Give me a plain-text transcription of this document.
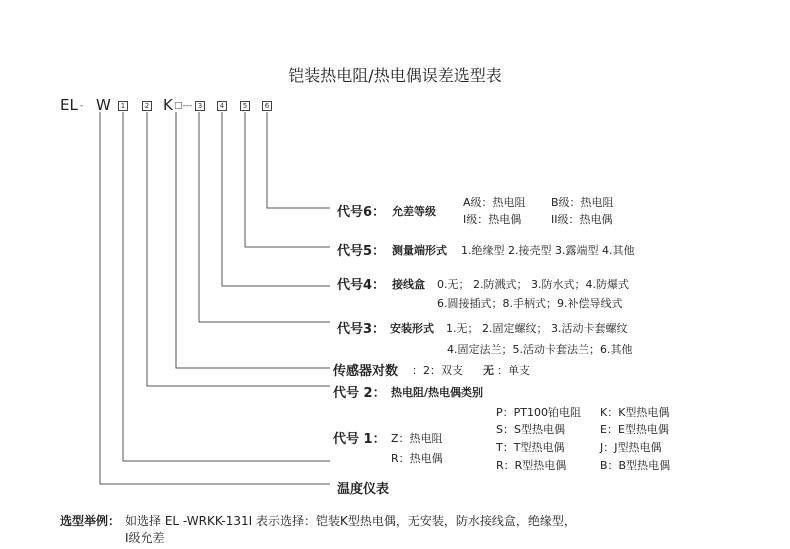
铠装热电阻/热电偶误差选型表
EL - W	1	2 K □--- 3	4	5	6
代号6： 允差等级
A级：热电阻 B级：热电阻
I级：热电偶	II级：热电偶
代号5： 测量端形式 1.绝缘型 2.接壳型 3.露端型 4.其他
代号4： 接线盒 0.无； 2.防溅式； 3.防水式；4.防爆式
6.圆接插式；8.手柄式；9.补偿导线式
代号3： 安装形式 1.无； 2.固定螺纹； 3.活动卡套螺纹
4.固定法兰；5.活动卡套法兰；6.其他
传感器对数 ：2：双支 无 ：单支
代号 2： 热电阻/热电偶类别
代号 1： Z：热电阻
R：热电偶
P：PT100铂电阻 K：K型热电偶
S：S型热电偶	E：E型热电偶
T：T型热电偶	J：J型热电偶
R：R型热电偶	B：B型热电偶
温度仪表
选型举例： 如选择 EL -WRKK-131I 表示选择：铠装K型热电偶，无安装，防水接线盒，绝缘型，
I级允差
